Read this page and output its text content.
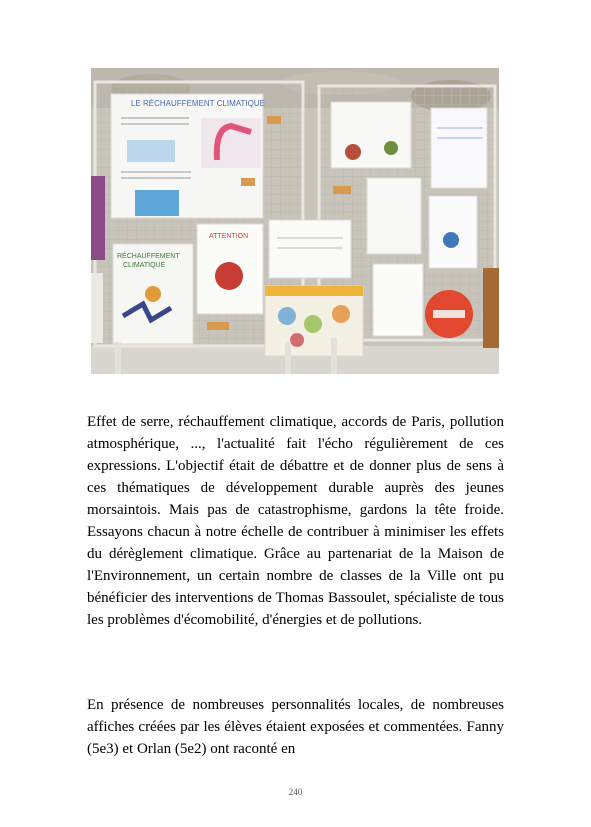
LE RÉCHAUFFEMENT CLIMATIQUE
RÉCHAUFFEMENT
CLIMATIQUE
ATTENTION

Effet de serre, réchauffement climatique, accords de Paris, pollution atmosphérique, ..., l'actualité fait l'écho régulièrement de ces expressions. L'objectif était de débattre et de donner plus de sens à ces thématiques de développement durable auprès des jeunes morsaintois. Mais pas de catastrophisme, gardons la tête froide. Essayons chacun à notre échelle de contribuer à minimiser les effets du dérèglement climatique. Grâce au partenariat de la Maison de l'Environnement, un certain nombre de classes de la Ville ont pu bénéficier des interventions de Thomas Bassoulet, spécialiste de tous les problèmes d'écomobilité, d'énergies et de pollutions.

En présence de nombreuses personnalités locales, de nombreuses affiches créées par les élèves étaient exposées et commentées. Fanny (5e3) et Orlan (5e2) ont raconté en

240
